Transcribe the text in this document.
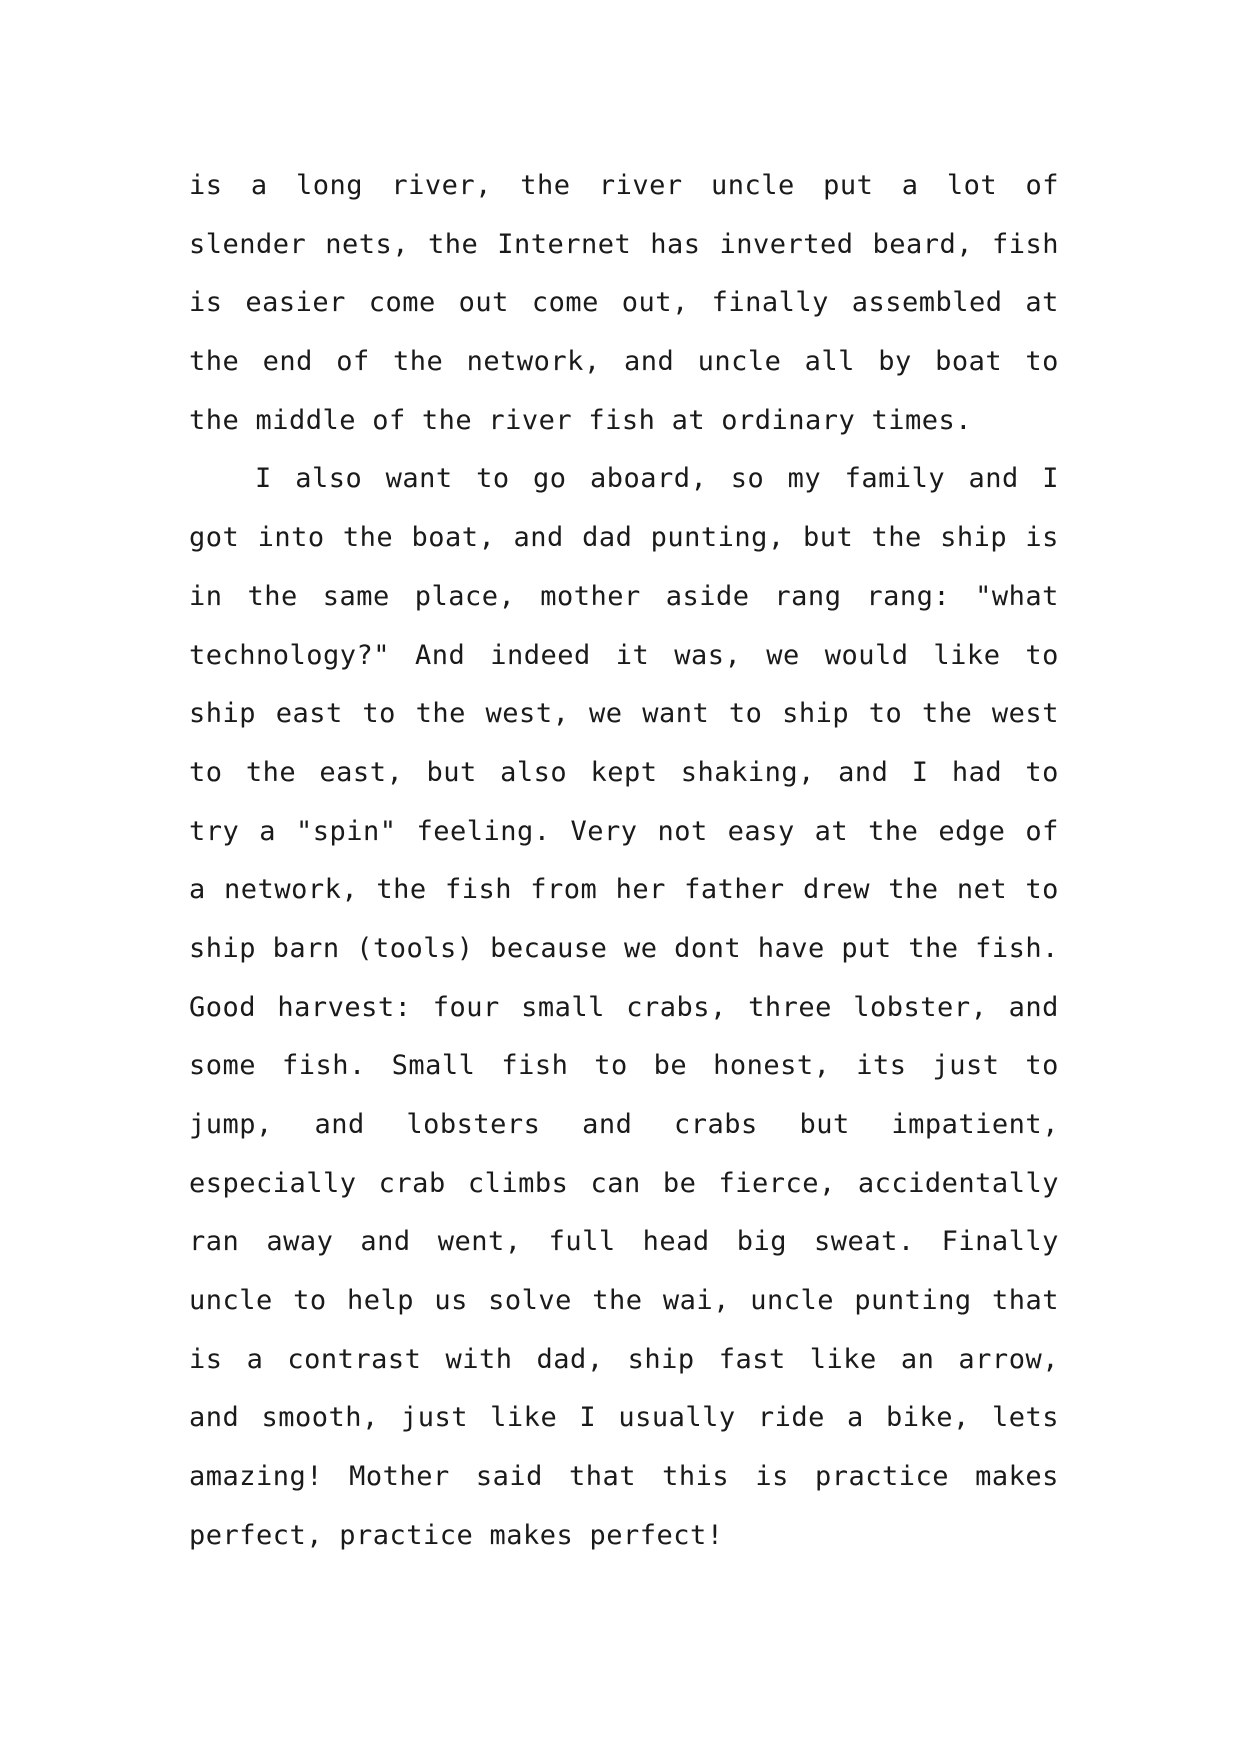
is a long river, the river uncle put a lot of
slender nets, the Internet has inverted beard, fish
is easier come out come out, finally assembled at
the end of the network, and uncle all by boat to
the middle of the river fish at ordinary times.
I also want to go aboard, so my family and I
got into the boat, and dad punting, but the ship is
in the same place, mother aside rang rang: "what
technology?" And indeed it was, we would like to
ship east to the west, we want to ship to the west
to the east, but also kept shaking, and I had to
try a "spin" feeling. Very not easy at the edge of
a network, the fish from her father drew the net to
ship barn (tools) because we dont have put the fish.
Good harvest: four small crabs, three lobster, and
some fish. Small fish to be honest, its just to
jump, and lobsters and crabs but impatient,
especially crab climbs can be fierce, accidentally
ran away and went, full head big sweat. Finally
uncle to help us solve the wai, uncle punting that
is a contrast with dad, ship fast like an arrow,
and smooth, just like I usually ride a bike, lets
amazing! Mother said that this is practice makes
perfect, practice makes perfect!
